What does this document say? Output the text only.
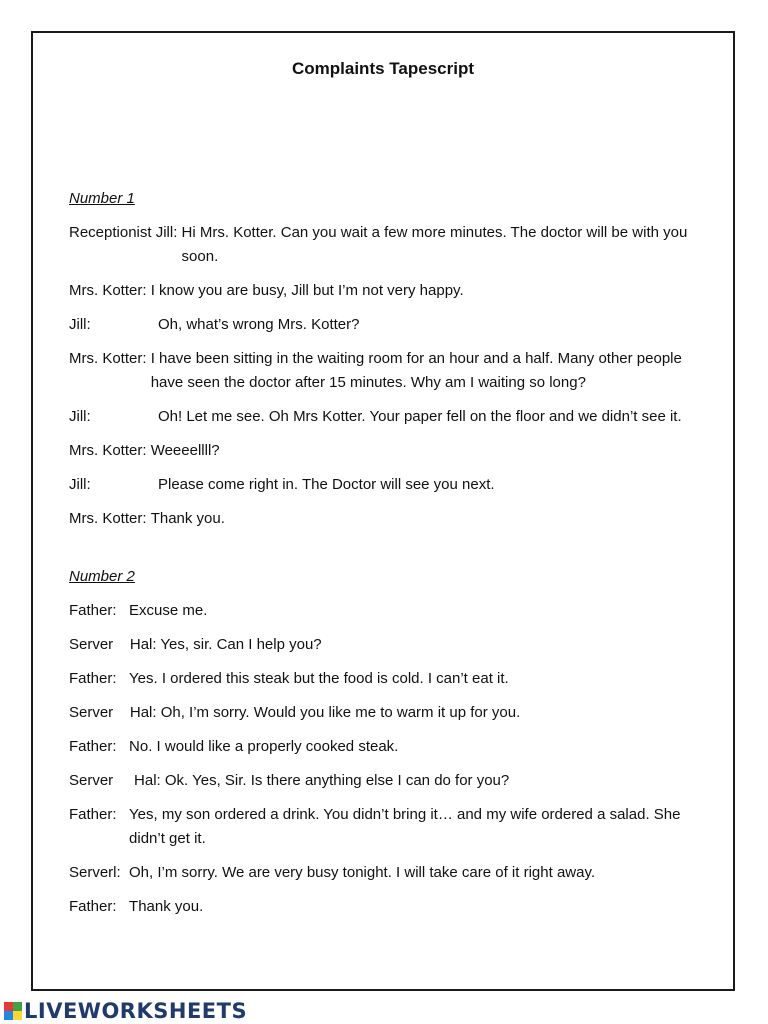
Complaints Tapescript
Number 1
Receptionist Jill: Hi Mrs. Kotter. Can you wait a few more minutes. The doctor will be with you soon.
Mrs. Kotter: I know you are busy, Jill but I’m not very happy.
Jill:	Oh, what’s wrong Mrs. Kotter?
Mrs. Kotter: I have been sitting in the waiting room for an hour and a half. Many other people have seen the doctor after 15 minutes. Why am I waiting so long?
Jill:	Oh! Let me see. Oh Mrs Kotter. Your paper fell on the floor and we didn’t see it.
Mrs. Kotter: Weeeellll?
Jill:	Please come right in. The Doctor will see you next.
Mrs. Kotter: Thank you.
Number 2
Father: Excuse me.
Server Hal: Yes, sir. Can I help you?
Father: Yes. I ordered this steak but the food is cold. I can’t eat it.
Server Hal: Oh, I’m sorry. Would you like me to warm it up for you.
Father: No. I would like a properly cooked steak.
Server Hal: Ok. Yes, Sir. Is there anything else I can do for you?
Father: Yes, my son ordered a drink. You didn’t bring it… and my wife ordered a salad. She didn’t get it.
Serverl: Oh, I’m sorry. We are very busy tonight. I will take care of it right away.
Father: Thank you.
LIVEWORKSHEETS
